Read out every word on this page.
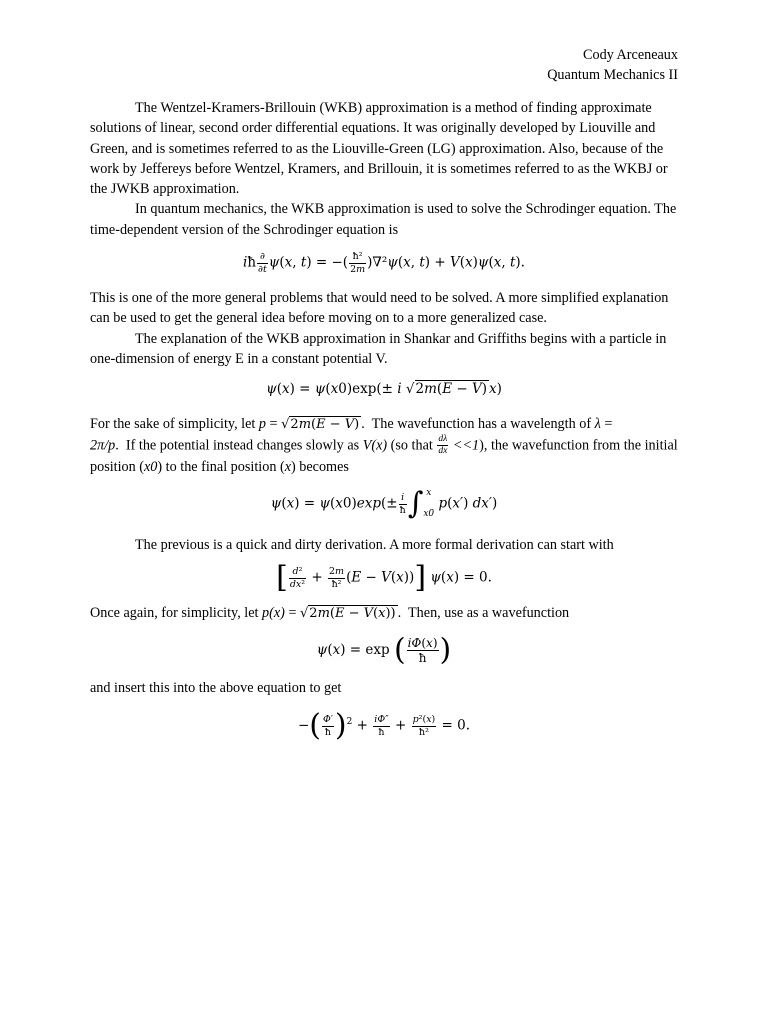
Cody Arceneaux
Quantum Mechanics II

The Wentzel-Kramers-Brillouin (WKB) approximation is a method of finding approximate solutions of linear, second order differential equations. It was originally developed by Liouville and Green, and is sometimes referred to as the Liouville-Green (LG) approximation. Also, because of the work by Jeffereys before Wentzel, Kramers, and Brillouin, it is sometimes referred to as the WKBJ or the JWKB approximation.

In quantum mechanics, the WKB approximation is used to solve the Schrodinger equation. The time-dependent version of the Schrodinger equation is

iħ $\frac{\partial}{\partial t} \psi(x$, t) = −( $\frac{\text{ħ²}}{2m} )\nabla^2\psi(x$, t) + V(x)ψ(x, t).

This is one of the more general problems that would need to be solved. A more simplified explanation can be used to get the general idea before moving on to a more generalized case.

The explanation of the WKB approximation in Shankar and Griffiths begins with a particle in one-dimension of energy E in a constant potential V.

ψ(x) = ψ(x0)exp(± i √2m(E − V) x)

For the sake of simplicity, let p = √2m(E − V) .  The wavefunction has a wavelength of λ =
2π/p.  If the potential instead changes slowly as V(x) (so that $\frac{d\lambda}{dx} <<1$), the wavefunction from the initial position (x0) to the final position (x) becomes

$\psi(x) = \psi(x0)\exp(\pm \frac{i}{ħ}$ ∫ x
x0
p(x′) dx′)

The previous is a quick and dirty derivation. A more formal derivation can start with

[ $\frac{\text{d²}}{\text{dx²}} + \frac{2m}{\text{ħ²}} (E - V(x))$] ψ(x) = 0.

Once again, for simplicity, let p(x) = √2m(E − V(x)) .  Then, use as a wavefunction

ψ(x) = exp ( $\frac{i\Phi(x)}{ħ}$ )

and insert this into the above equation to get

−( $\frac{\Phi'}{ħ} )^2 + \frac{i\Phi''}{ħ} + \frac{\text{p²(x)}}{\text{ħ²}} = 0$.
